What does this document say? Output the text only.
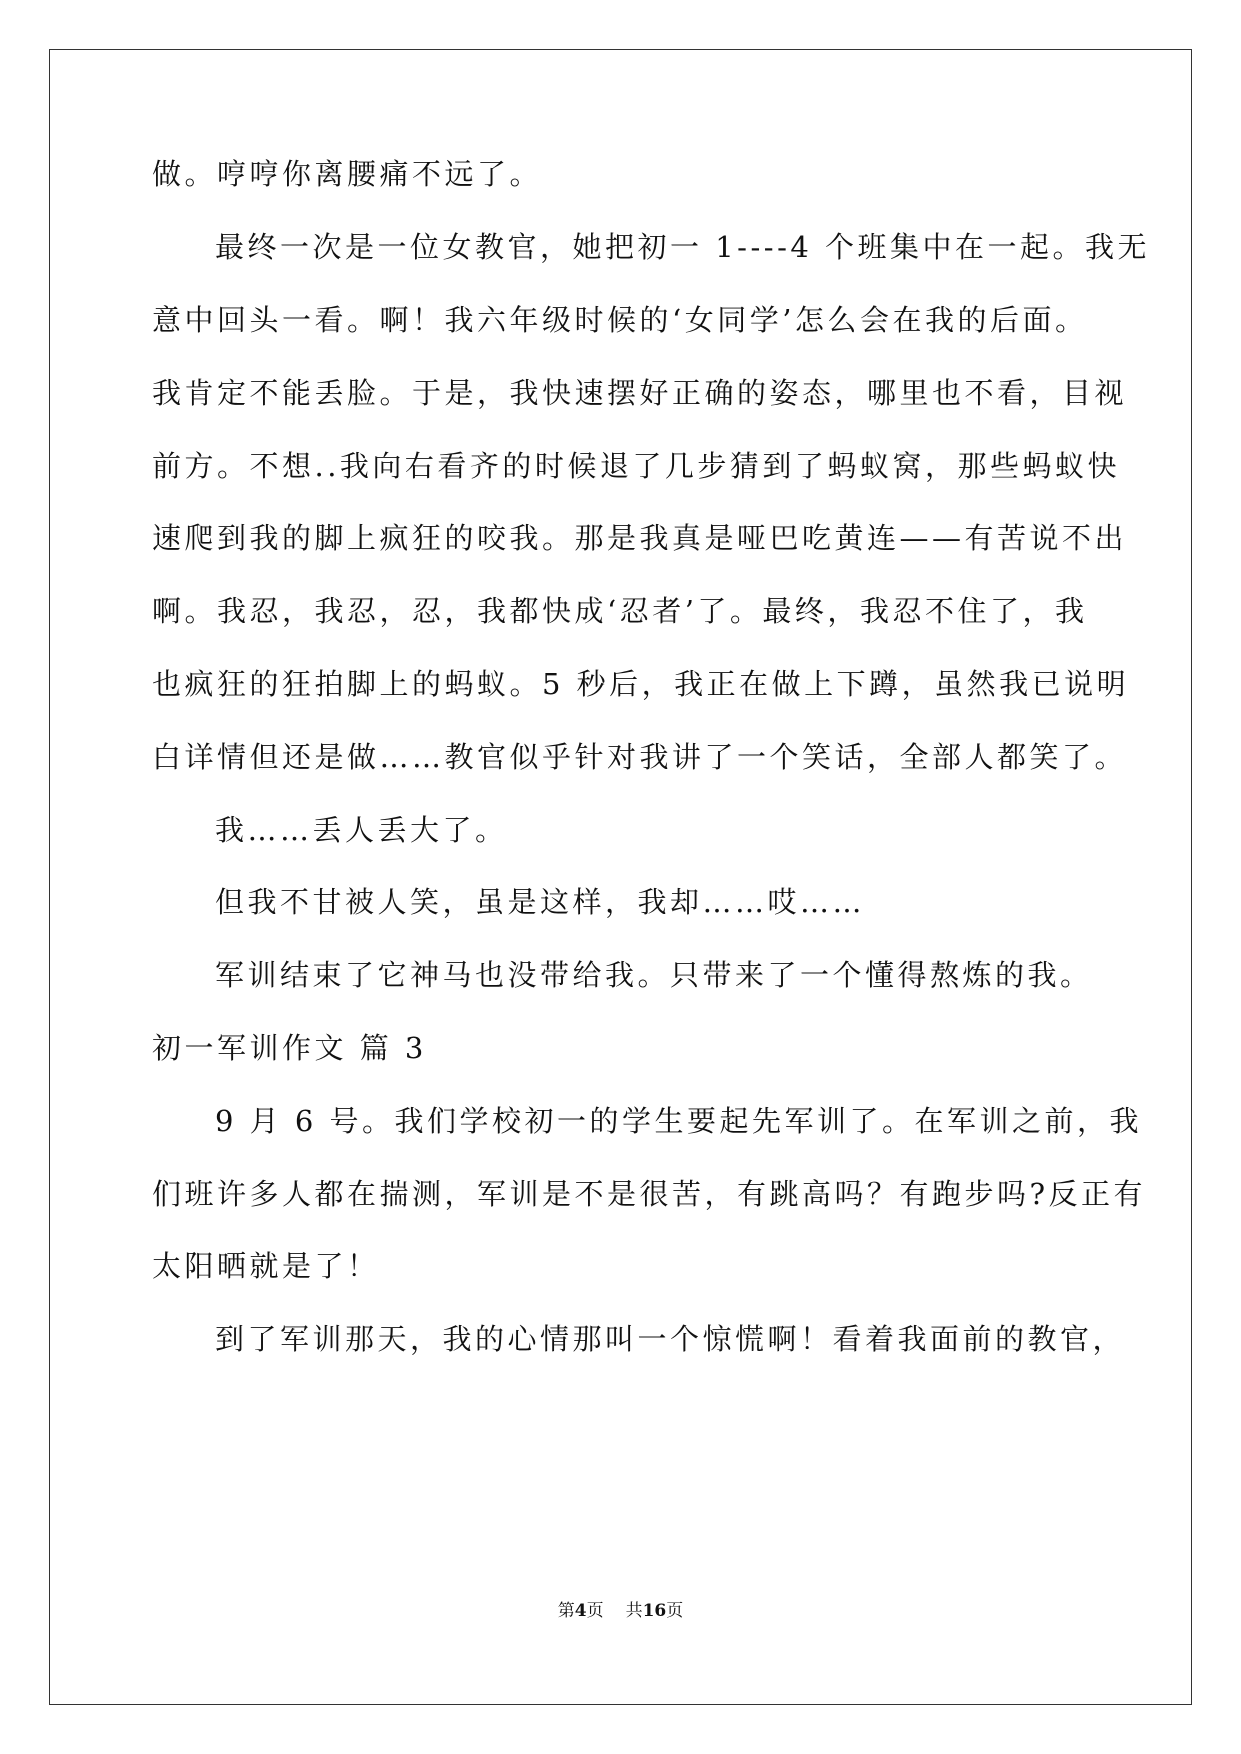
做。哼哼你离腰痛不远了。
最终一次是一位女教官，她把初一 1----4 个班集中在一起。我无
意中回头一看。啊！我六年级时候的‘女同学’怎么会在我的后面。
我肯定不能丢脸。于是，我快速摆好正确的姿态，哪里也不看，目视
前方。不想..我向右看齐的时候退了几步猜到了蚂蚁窝，那些蚂蚁快
速爬到我的脚上疯狂的咬我。那是我真是哑巴吃黄连——有苦说不出
啊。我忍，我忍，忍，我都快成‘忍者’了。最终，我忍不住了，我
也疯狂的狂拍脚上的蚂蚁。5 秒后，我正在做上下蹲，虽然我已说明
白详情但还是做……教官似乎针对我讲了一个笑话，全部人都笑了。
我……丢人丢大了。
但我不甘被人笑，虽是这样，我却……哎……
军训结束了它神马也没带给我。只带来了一个懂得熬炼的我。
初一军训作文 篇 3
9 月 6 号。我们学校初一的学生要起先军训了。在军训之前，我
们班许多人都在揣测，军训是不是很苦，有跳高吗？有跑步吗?反正有
太阳晒就是了！
到了军训那天，我的心情那叫一个惊慌啊！看着我面前的教官，
第4页 共16页
